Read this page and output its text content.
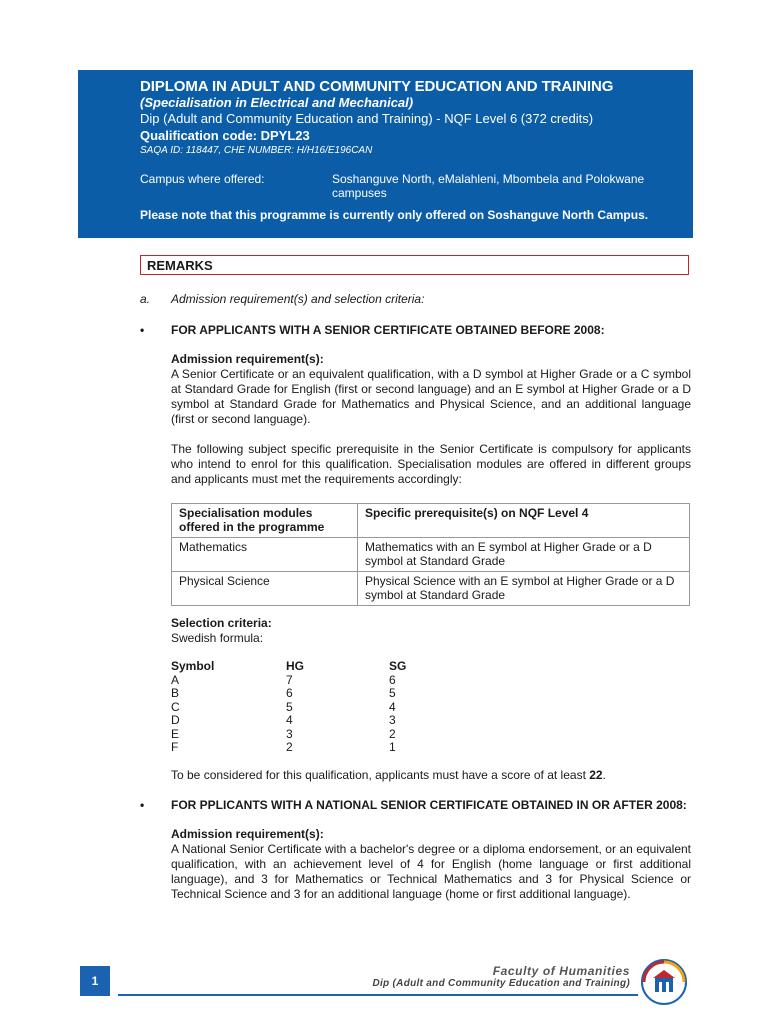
DIPLOMA IN ADULT AND COMMUNITY EDUCATION AND TRAINING
(Specialisation in Electrical and Mechanical)
Dip (Adult and Community Education and Training) - NQF Level 6 (372 credits)
Qualification code: DPYL23
SAQA ID: 118447, CHE NUMBER: H/H16/E196CAN
Campus where offered:	Soshanguve North, eMalahleni, Mbombela and Polokwane campuses
Please note that this programme is currently only offered on Soshanguve North Campus.
REMARKS
a. Admission requirement(s) and selection criteria:
• FOR APPLICANTS WITH A SENIOR CERTIFICATE OBTAINED BEFORE 2008:
Admission requirement(s):
A Senior Certificate or an equivalent qualification, with a D symbol at Higher Grade or a C symbol at Standard Grade for English (first or second language) and an E symbol at Higher Grade or a D symbol at Standard Grade for Mathematics and Physical Science, and an additional language (first or second language).
The following subject specific prerequisite in the Senior Certificate is compulsory for applicants who intend to enrol for this qualification. Specialisation modules are offered in different groups and applicants must met the requirements accordingly:
Specialisation modules offered in the programme	Specific prerequisite(s) on NQF Level 4
Mathematics	Mathematics with an E symbol at Higher Grade or a D symbol at Standard Grade
Physical Science	Physical Science with an E symbol at Higher Grade or a D symbol at Standard Grade
Selection criteria:
Swedish formula:
Symbol	HG	SG
A	7	6
B	6	5
C	5	4
D	4	3
E	3	2
F	2	1
To be considered for this qualification, applicants must have a score of at least 22.
• FOR PPLICANTS WITH A NATIONAL SENIOR CERTIFICATE OBTAINED IN OR AFTER 2008:
Admission requirement(s):
A National Senior Certificate with a bachelor's degree or a diploma endorsement, or an equivalent qualification, with an achievement level of 4 for English (home language or first additional language), and 3 for Mathematics or Technical Mathematics and 3 for Physical Science or Technical Science and 3 for an additional language (home or first additional language).
1
Faculty of Humanities
Dip (Adult and Community Education and Training)
